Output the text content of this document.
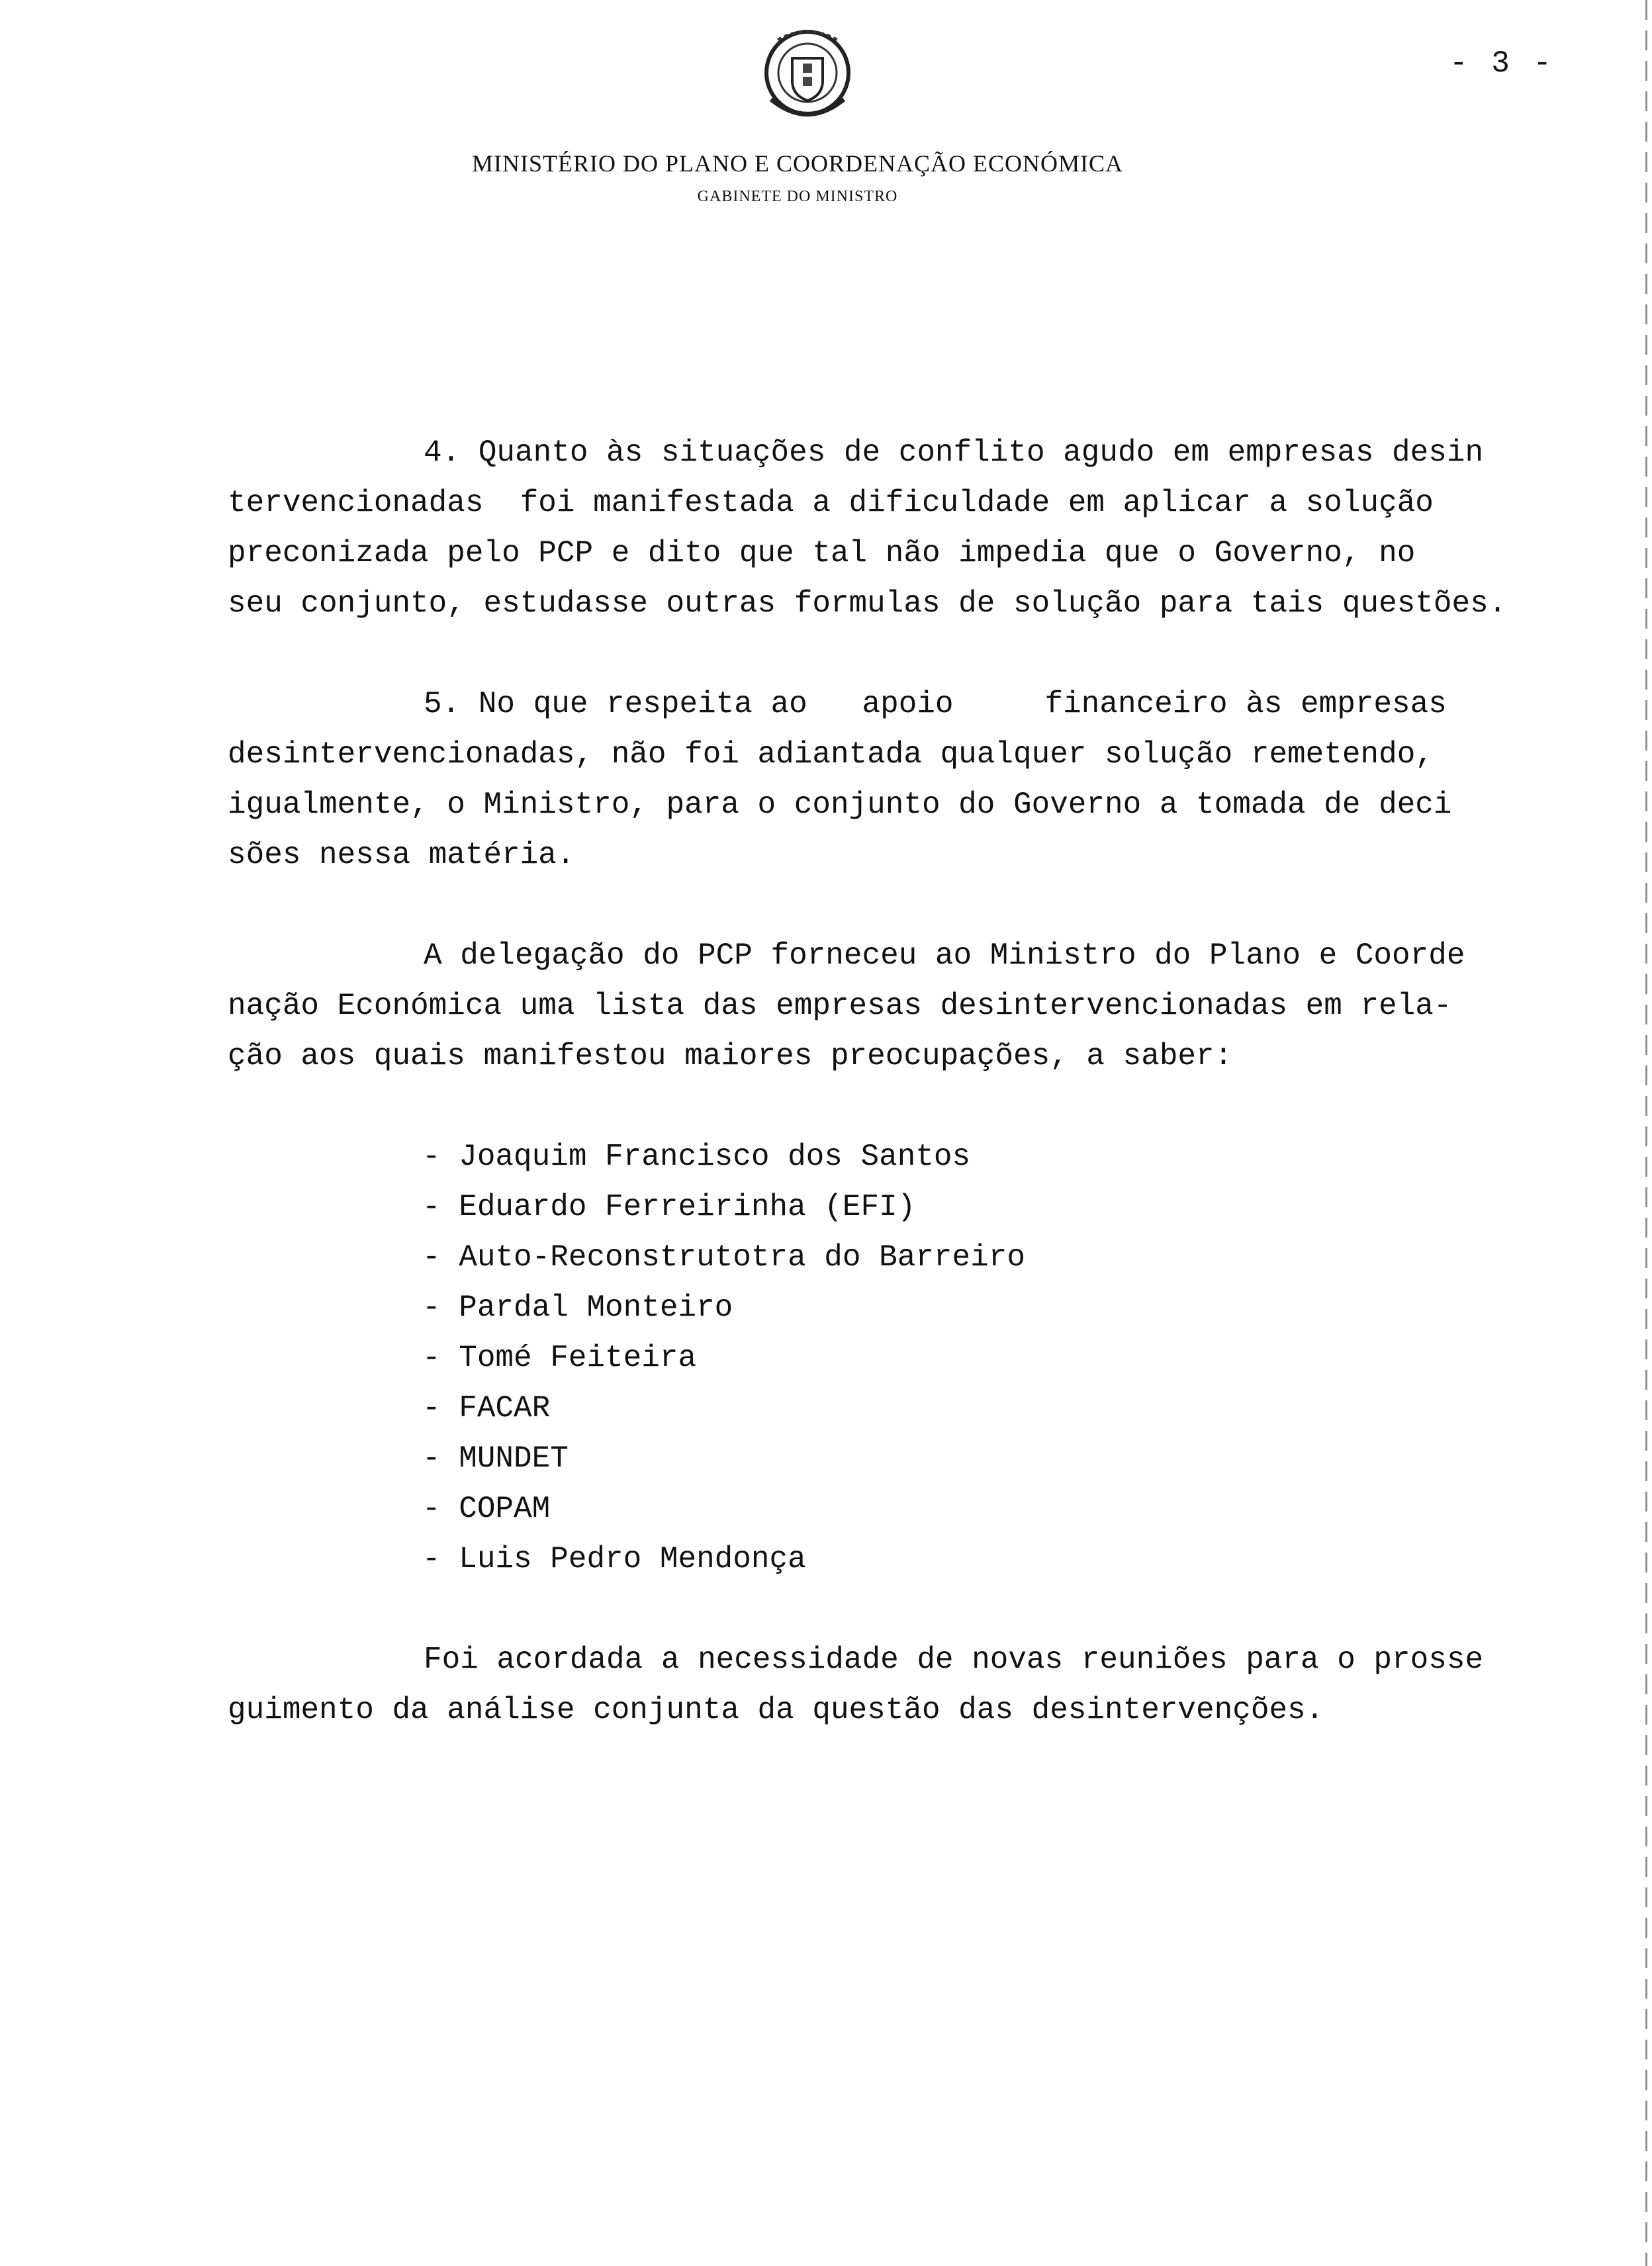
- 3 -
MINISTÉRIO DO PLANO E COORDENAÇÃO ECONÓMICA
GABINETE DO MINISTRO
4. Quanto às situações de conflito agudo em empresas desin
tervencionadas  foi manifestada a dificuldade em aplicar a solução
preconizada pelo PCP e dito que tal não impedia que o Governo, no
seu conjunto, estudasse outras formulas de solução para tais questões.
5. No que respeita ao   apoio     financeiro às empresas
desintervencionadas, não foi adiantada qualquer solução remetendo,
igualmente, o Ministro, para o conjunto do Governo a tomada de deci
sões nessa matéria.
A delegação do PCP forneceu ao Ministro do Plano e Coorde
nação Económica uma lista das empresas desintervencionadas em rela-
ção aos quais manifestou maiores preocupações, a saber:
- Joaquim Francisco dos Santos
- Eduardo Ferreirinha (EFI)
- Auto-Reconstrutotra do Barreiro
- Pardal Monteiro
- Tomé Feiteira
- FACAR
- MUNDET
- COPAM
- Luis Pedro Mendonça
Foi acordada a necessidade de novas reuniões para o prosse
guimento da análise conjunta da questão das desintervenções.
